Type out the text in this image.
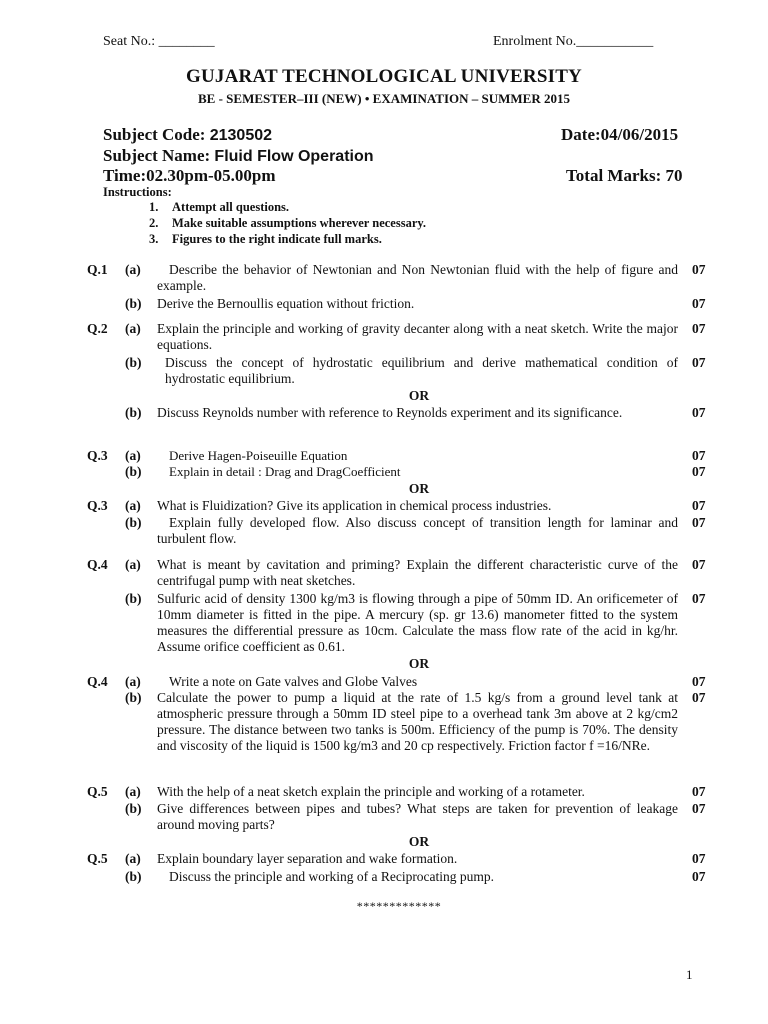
Seat No.: ________	Enrolment No.___________
GUJARAT TECHNOLOGICAL UNIVERSITY
BE - SEMESTER–III (NEW) • EXAMINATION – SUMMER 2015
Subject Code: 2130502	Date:04/06/2015
Subject Name: Fluid Flow Operation
Time:02.30pm-05.00pm	Total Marks: 70
Instructions:
1. Attempt all questions.
2. Make suitable assumptions wherever necessary.
3. Figures to the right indicate full marks.
Q.1 (a)	Describe the behavior of Newtonian and Non Newtonian fluid with the help of figure and example.
07
(b) Derive the Bernoullis equation without friction.	07
Q.2 (a) Explain the principle and working of gravity decanter along with a neat sketch. Write the major equations.
07
(b)	Discuss the concept of hydrostatic equilibrium and derive mathematical condition of hydrostatic equilibrium.
07
OR
(b) Discuss Reynolds number with reference to Reynolds experiment and its significance.	07
Q.3 (a)	Derive Hagen-Poiseuille Equation	07
(b)	Explain in detail : Drag and DragCoefficient	07
OR
Q.3 (a) What is Fluidization? Give its application in chemical process industries.	07
(b)	Explain fully developed flow. Also discuss concept of transition length for laminar and turbulent flow.
07
Q.4 (a) What is meant by cavitation and priming? Explain the different characteristic curve of the centrifugal pump with neat sketches.
07
(b) Sulfuric acid of density 1300 kg/m3 is flowing through a pipe of 50mm ID. An orificemeter of 10mm diameter is fitted in the pipe. A mercury (sp. gr 13.6) manometer fitted to the system measures the differential pressure as 10cm. Calculate the mass flow rate of the acid in kg/hr. Assume orifice coefficient as 0.61.
07
OR
Q.4 (a)	Write a note on Gate valves and Globe Valves	07
(b) Calculate the power to pump a liquid at the rate of 1.5 kg/s from a ground level tank at atmospheric pressure through a 50mm ID steel pipe to a overhead tank 3m above at 2 kg/cm2 pressure. The distance between two tanks is 500m. Efficiency of the pump is 70%. The density and viscosity of the liquid is 1500 kg/m3 and 20 cp respectively. Friction factor f =16/NRe.
07
Q.5 (a) With the help of a neat sketch explain the principle and working of a rotameter.	07
(b) Give differences between pipes and tubes? What steps are taken for prevention of leakage around moving parts?
07
OR
Q.5 (a) Explain boundary layer separation and wake formation.	07
(b)	Discuss the principle and working of a Reciprocating pump.	07
*************
1
